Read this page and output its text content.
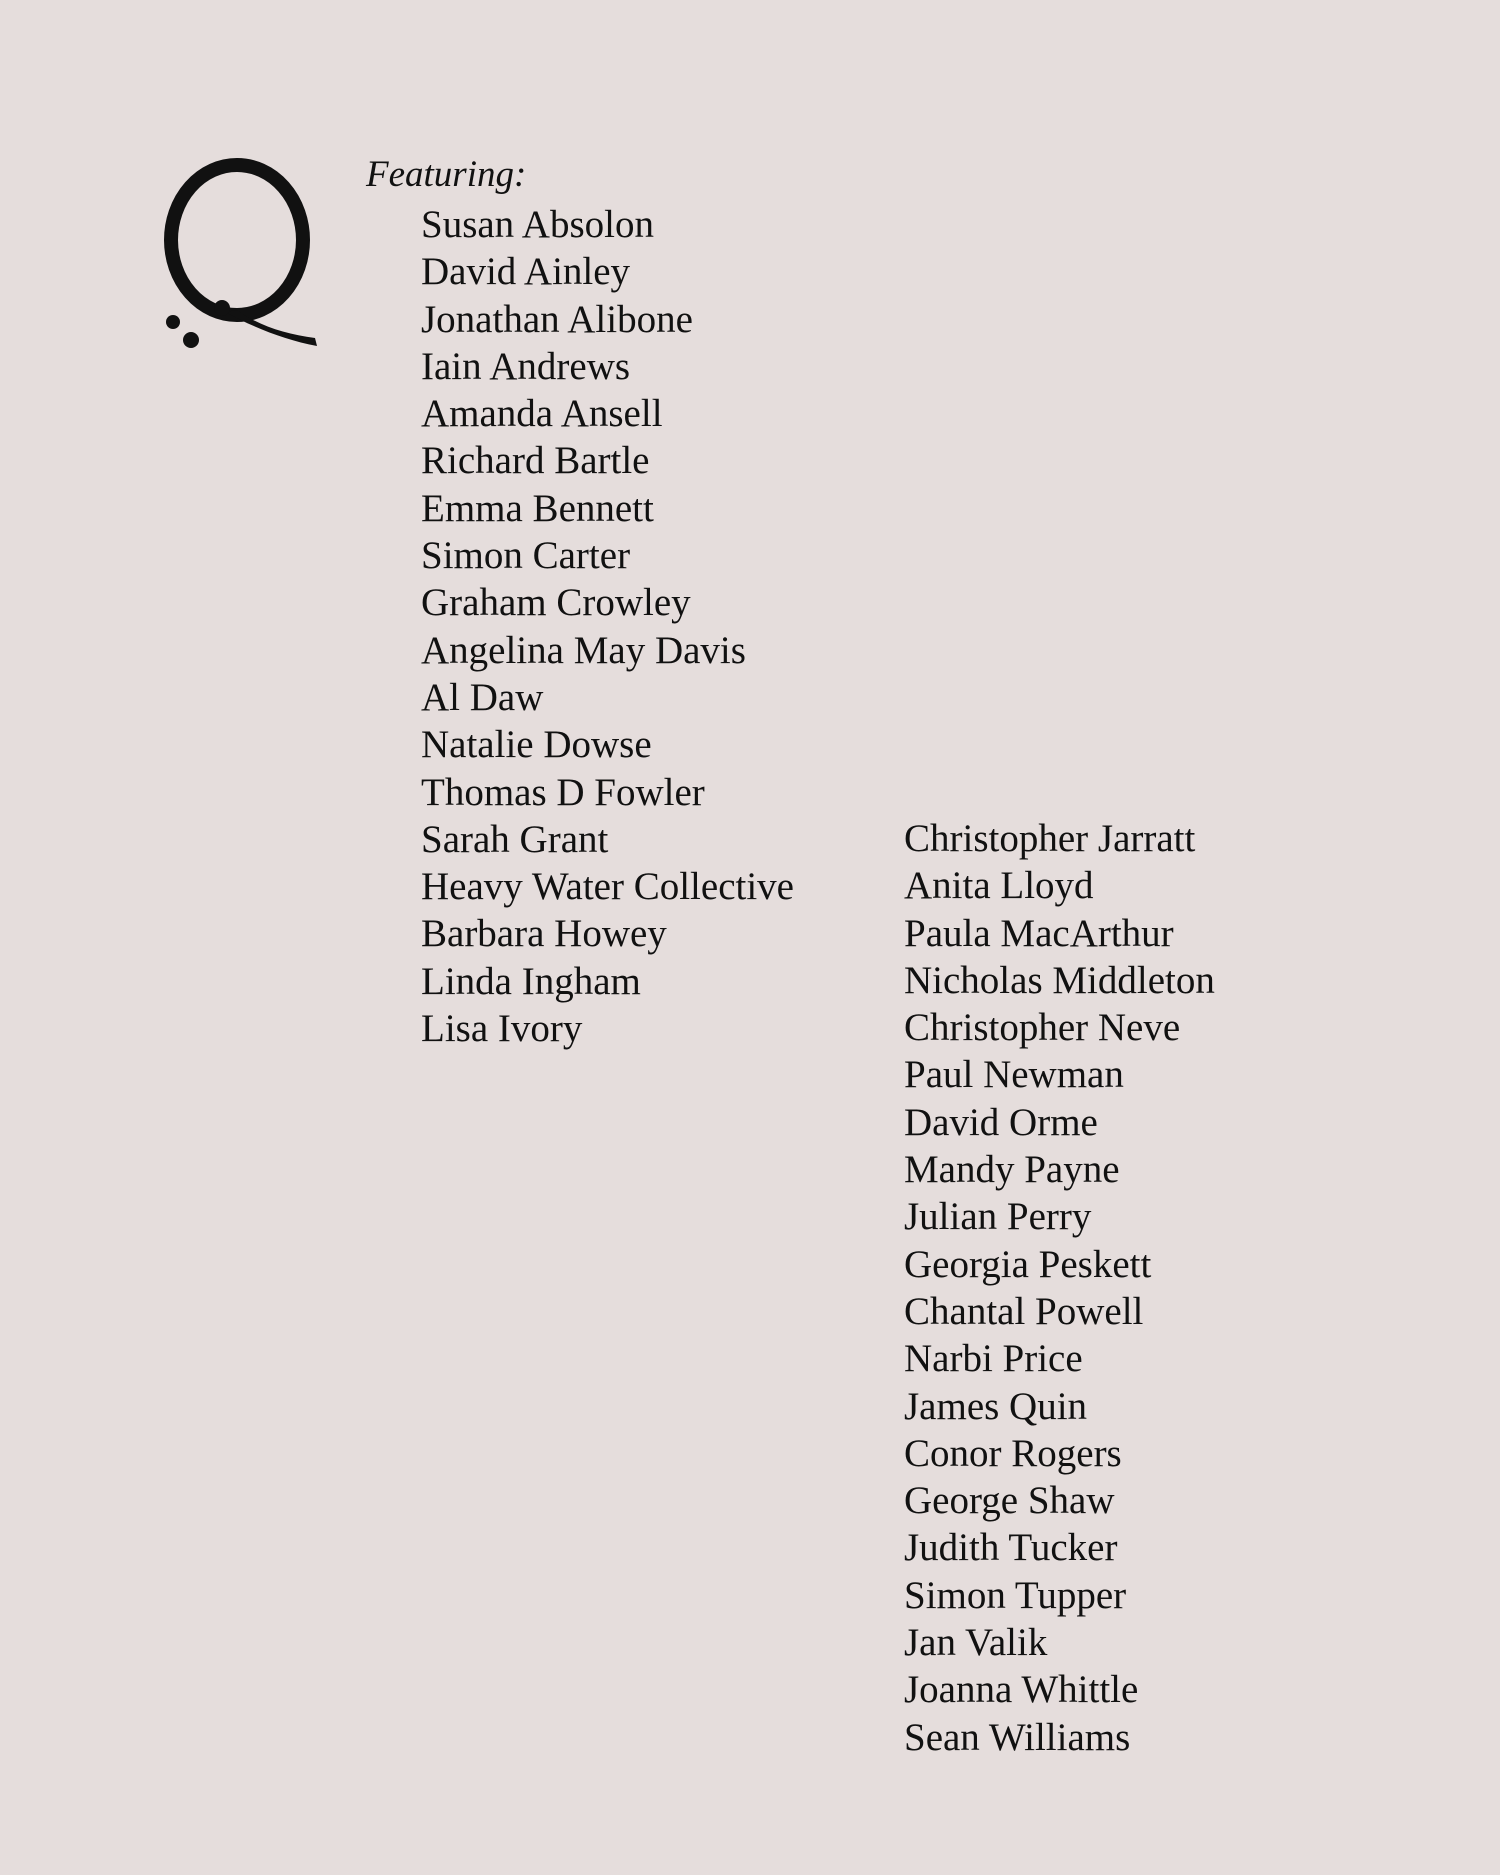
Featuring:
Susan Absolon
David Ainley
Jonathan Alibone
Iain Andrews
Amanda Ansell
Richard Bartle
Emma Bennett
Simon Carter
Graham Crowley
Angelina May Davis
Al Daw
Natalie Dowse
Thomas D Fowler
Sarah Grant
Heavy Water Collective
Barbara Howey
Linda Ingham
Lisa Ivory
Christopher Jarratt
Anita Lloyd
Paula MacArthur
Nicholas Middleton
Christopher Neve
Paul Newman
David Orme
Mandy Payne
Julian Perry
Georgia Peskett
Chantal Powell
Narbi Price
James Quin
Conor Rogers
George Shaw
Judith Tucker
Simon Tupper
Jan Valik
Joanna Whittle
Sean Williams
